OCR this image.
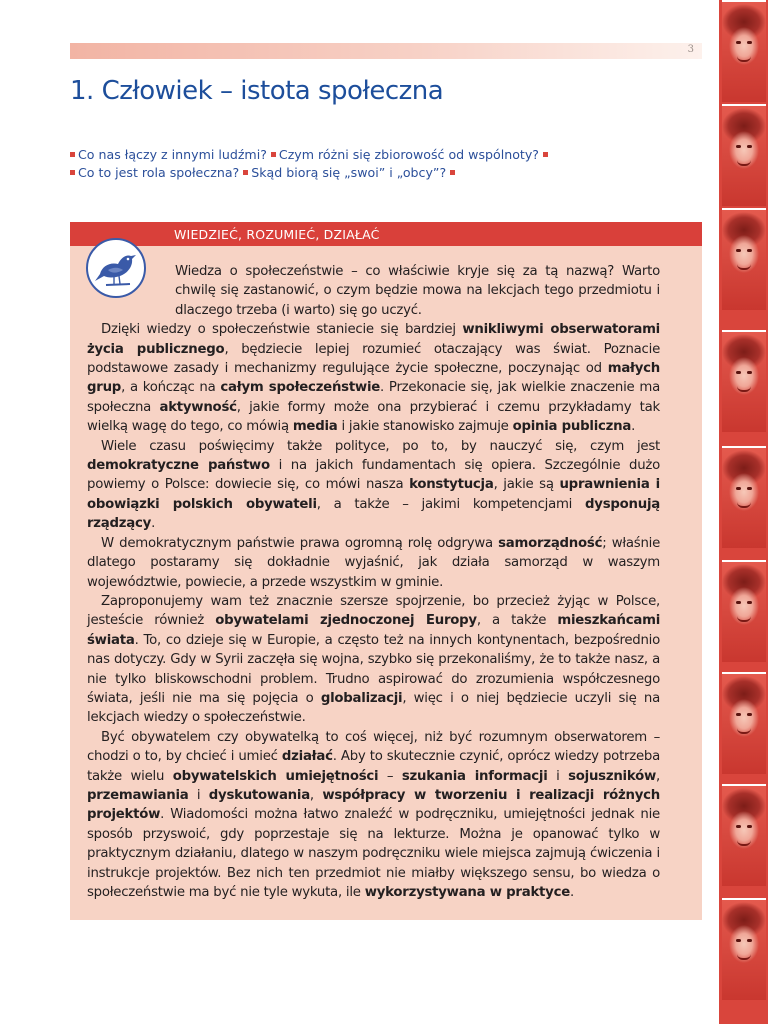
3
1. Człowiek – istota społeczna
Co nas łączy z innymi ludźmi? Czym różni się zbiorowość od wspólnoty?
Co to jest rola społeczna? Skąd biorą się „swoi” i „obcy”?
WIEDZIEĆ, ROZUMIEĆ, DZIAŁAĆ

Wiedza o społeczeństwie – co właściwie kryje się za tą nazwą? Warto chwilę się zastanowić, o czym będzie mowa na lekcjach tego przedmiotu i dlaczego trzeba (i warto) się go uczyć.

Dzięki wiedzy o społeczeństwie staniecie się bardziej wnikliwymi obserwatorami życia publicznego, będziecie lepiej rozumieć otaczający was świat. Poznacie podstawowe zasady i mechanizmy regulujące życie społeczne, poczynając od małych grup, a kończąc na całym społeczeństwie. Przekonacie się, jak wielkie znaczenie ma społeczna aktywność, jakie formy może ona przybierać i czemu przykładamy tak wielką wagę do tego, co mówią media i jakie stanowisko zajmuje opinia publiczna.

Wiele czasu poświęcimy także polityce, po to, by nauczyć się, czym jest demokratyczne państwo i na jakich fundamentach się opiera. Szczególnie dużo powiemy o Polsce: dowiecie się, co mówi nasza konstytucja, jakie są uprawnienia i obowiązki polskich obywateli, a także – jakimi kompetencjami dysponują rządzący.

W demokratycznym państwie prawa ogromną rolę odgrywa samorządność; właśnie dlatego postaramy się dokładnie wyjaśnić, jak działa samorząd w waszym województwie, powiecie, a przede wszystkim w gminie.

Zaproponujemy wam też znacznie szersze spojrzenie, bo przecież żyjąc w Polsce, jesteście również obywatelami zjednoczonej Europy, a także mieszkańcami świata. To, co dzieje się w Europie, a często też na innych kontynentach, bezpośrednio nas dotyczy. Gdy w Syrii zaczęła się wojna, szybko się przekonaliśmy, że to także nasz, a nie tylko bliskowschodni problem. Trudno aspirować do zrozumienia współczesnego świata, jeśli nie ma się pojęcia o globalizacji, więc i o niej będziecie uczyli się na lekcjach wiedzy o społeczeństwie.

Być obywatelem czy obywatelką to coś więcej, niż być rozumnym obserwatorem – chodzi o to, by chcieć i umieć działać. Aby to skutecznie czynić, oprócz wiedzy potrzeba także wielu obywatelskich umiejętności – szukania informacji i sojuszników, przemawiania i dyskutowania, współpracy w tworzeniu i realizacji różnych projektów. Wiadomości można łatwo znaleźć w podręczniku, umiejętności jednak nie sposób przyswoić, gdy poprzestaje się na lekturze. Można je opanować tylko w praktycznym działaniu, dlatego w naszym podręczniku wiele miejsca zajmują ćwiczenia i instrukcje projektów. Bez nich ten przedmiot nie miałby większego sensu, bo wiedza o społeczeństwie ma być nie tyle wykuta, ile wykorzystywana w praktyce.
